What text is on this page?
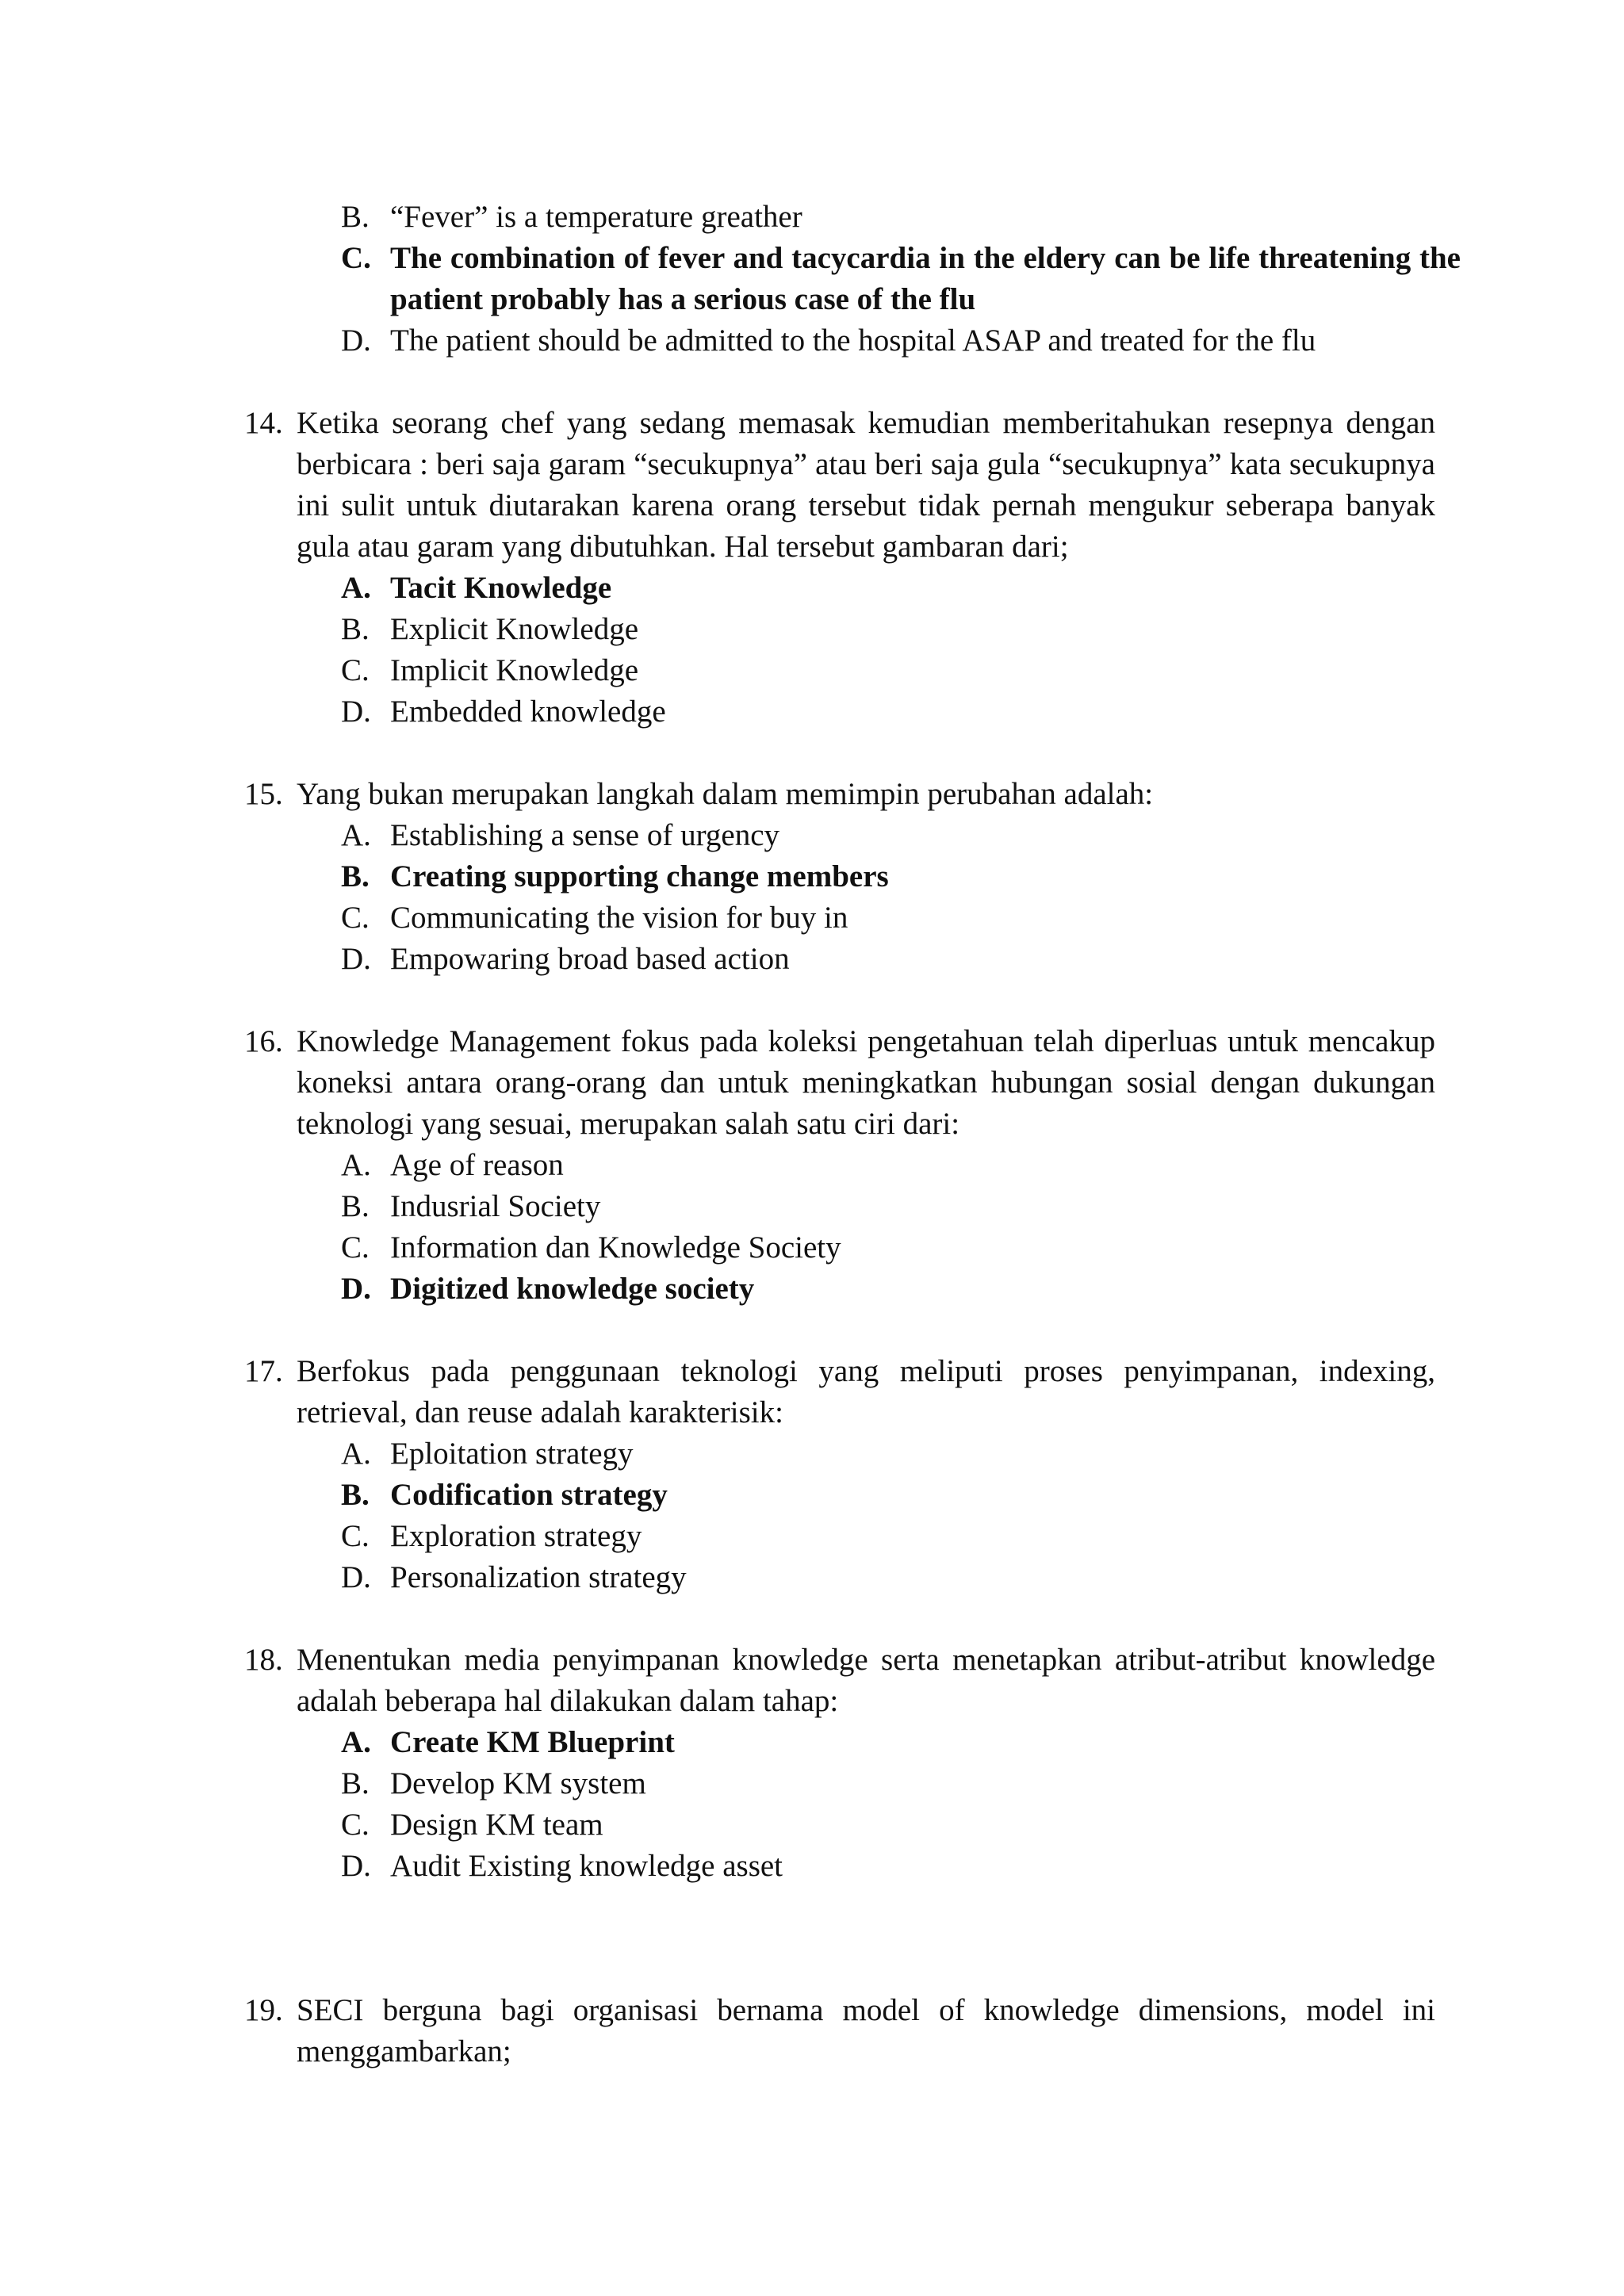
B. “Fever” is a temperature greather
C. The combination of fever and tacycardia in the eldery can be life threatening the patient probably has a serious case of the flu
D. The patient should be admitted to the hospital ASAP and treated for the flu
14. Ketika seorang chef yang sedang memasak kemudian memberitahukan resepnya dengan berbicara : beri saja garam “secukupnya” atau beri saja gula “secukupnya” kata secukupnya ini sulit untuk diutarakan karena orang tersebut tidak pernah mengukur seberapa banyak gula atau garam yang dibutuhkan. Hal tersebut gambaran dari;
A. Tacit Knowledge
B. Explicit Knowledge
C. Implicit Knowledge
D. Embedded knowledge
15. Yang bukan merupakan langkah dalam memimpin perubahan adalah:
A. Establishing a sense of urgency
B. Creating supporting change members
C. Communicating the vision for buy in
D. Empowaring broad based action
16. Knowledge Management fokus pada koleksi pengetahuan telah diperluas untuk mencakup koneksi antara orang-orang dan untuk meningkatkan hubungan sosial dengan dukungan teknologi yang sesuai, merupakan salah satu ciri dari:
A. Age of reason
B. Indusrial Society
C. Information dan Knowledge Society
D. Digitized knowledge society
17. Berfokus pada penggunaan teknologi yang meliputi proses penyimpanan, indexing, retrieval, dan reuse adalah karakterisik:
A. Eploitation strategy
B. Codification strategy
C. Exploration strategy
D. Personalization strategy
18. Menentukan media penyimpanan knowledge serta menetapkan atribut-atribut knowledge adalah beberapa hal dilakukan dalam tahap:
A. Create KM Blueprint
B. Develop KM system
C. Design KM team
D. Audit Existing knowledge asset
19. SECI berguna bagi organisasi bernama model of knowledge dimensions, model ini menggambarkan;
